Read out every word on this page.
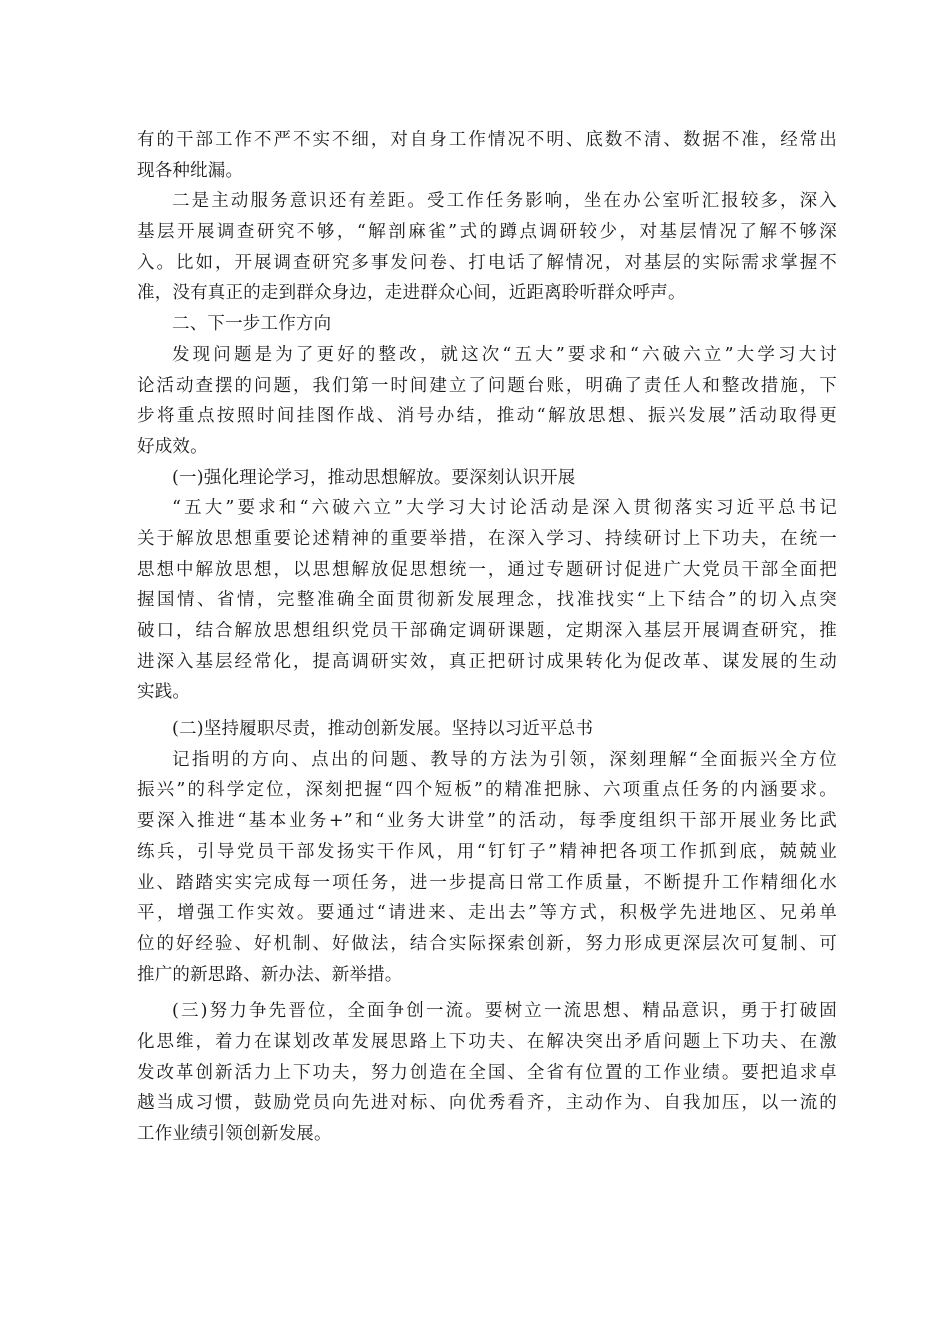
有的干部工作不严不实不细，对自身工作情况不明、底数不清、数据不准，经常出
现各种纰漏。
二是主动服务意识还有差距。受工作任务影响，坐在办公室听汇报较多，深入
基层开展调查研究不够，“解剖麻雀”式的蹲点调研较少，对基层情况了解不够深
入。比如，开展调查研究多事发问卷、打电话了解情况，对基层的实际需求掌握不
准，没有真正的走到群众身边，走进群众心间，近距离聆听群众呼声。
二、下一步工作方向
发现问题是为了更好的整改，就这次“五大”要求和“六破六立”大学习大讨
论活动查摆的问题，我们第一时间建立了问题台账，明确了责任人和整改措施，下
步将重点按照时间挂图作战、消号办结，推动“解放思想、振兴发展”活动取得更
好成效。
(一)强化理论学习，推动思想解放。要深刻认识开展
“五大”要求和“六破六立”大学习大讨论活动是深入贯彻落实习近平总书记
关于解放思想重要论述精神的重要举措，在深入学习、持续研讨上下功夫，在统一
思想中解放思想，以思想解放促思想统一，通过专题研讨促进广大党员干部全面把
握国情、省情，完整准确全面贯彻新发展理念，找准找实“上下结合”的切入点突
破口，结合解放思想组织党员干部确定调研课题，定期深入基层开展调查研究，推
进深入基层经常化，提高调研实效，真正把研讨成果转化为促改革、谋发展的生动
实践。
(二)坚持履职尽责，推动创新发展。坚持以习近平总书
记指明的方向、点出的问题、教导的方法为引领，深刻理解“全面振兴全方位
振兴”的科学定位，深刻把握“四个短板”的精准把脉、六项重点任务的内涵要求。
要深入推进“基本业务+”和“业务大讲堂”的活动，每季度组织干部开展业务比武
练兵，引导党员干部发扬实干作风，用“钉钉子”精神把各项工作抓到底，兢兢业
业、踏踏实实完成每一项任务，进一步提高日常工作质量，不断提升工作精细化水
平，增强工作实效。要通过“请进来、走出去”等方式，积极学先进地区、兄弟单
位的好经验、好机制、好做法，结合实际探索创新，努力形成更深层次可复制、可
推广的新思路、新办法、新举措。
(三)努力争先晋位，全面争创一流。要树立一流思想、精品意识，勇于打破固
化思维，着力在谋划改革发展思路上下功夫、在解决突出矛盾问题上下功夫、在激
发改革创新活力上下功夫，努力创造在全国、全省有位置的工作业绩。要把追求卓
越当成习惯，鼓励党员向先进对标、向优秀看齐，主动作为、自我加压，以一流的
工作业绩引领创新发展。
